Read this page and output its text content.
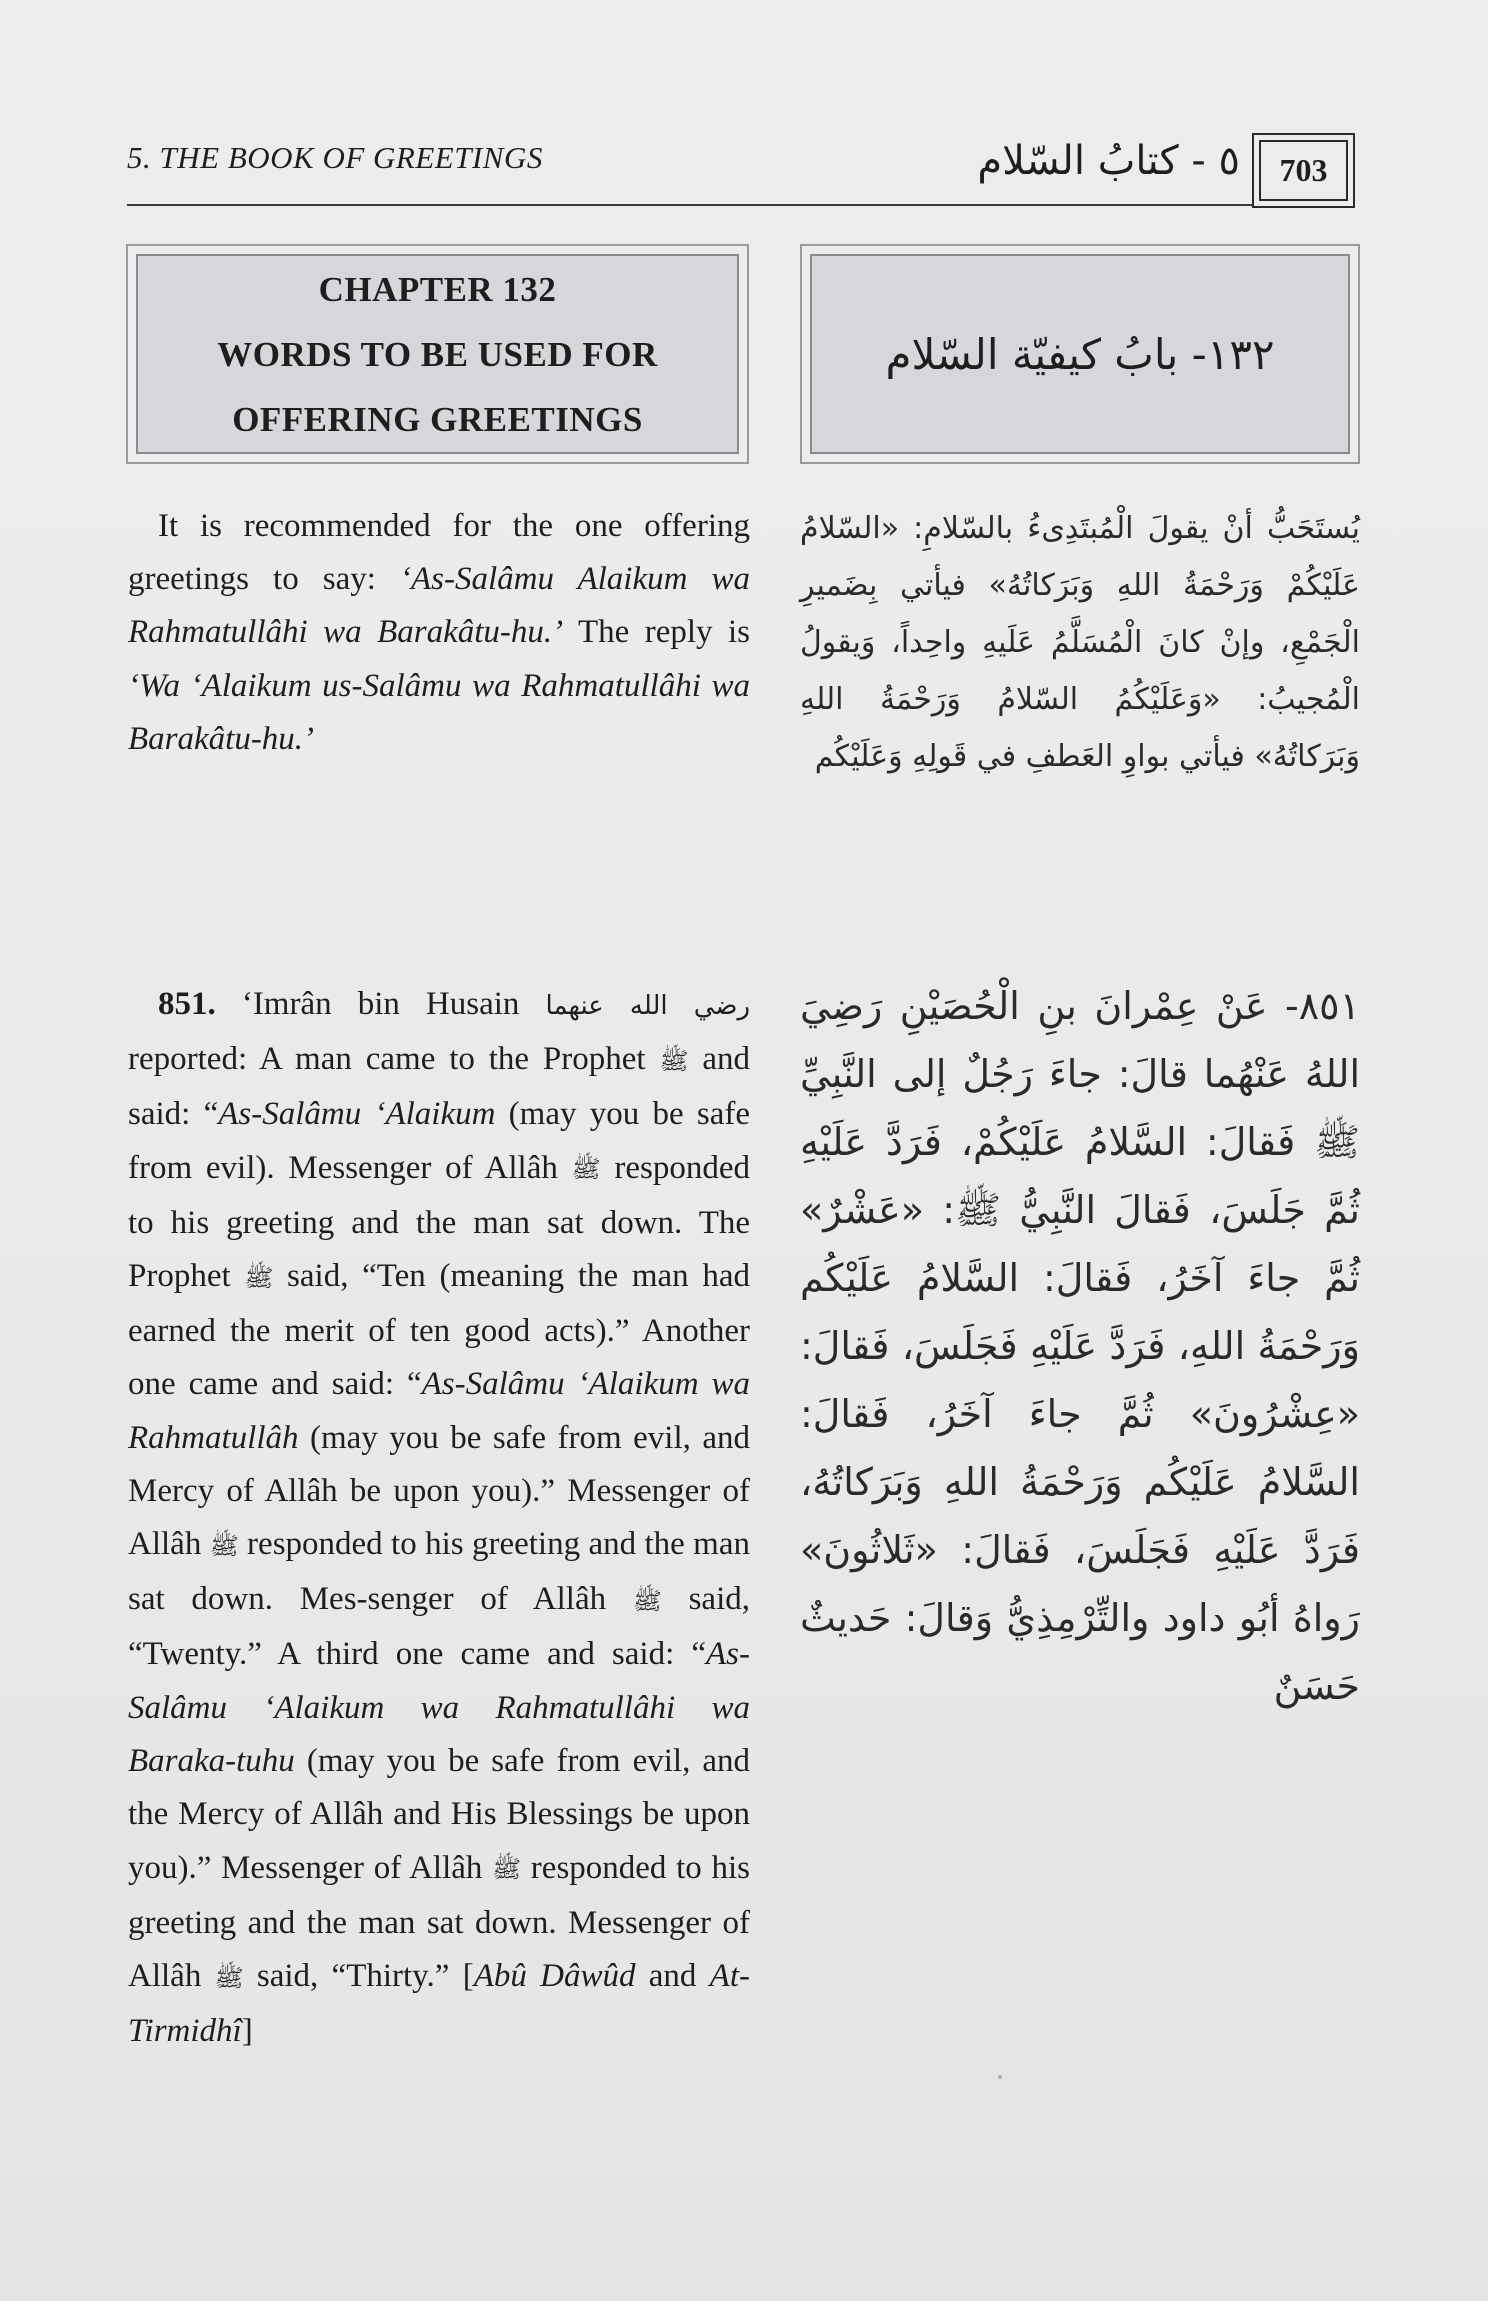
5. THE BOOK OF GREETINGS	٥ - كتابُ السّلام	703
CHAPTER 132
WORDS TO BE USED FOR
OFFERING GREETINGS
١٣٢- بابُ كيفيّة السّلام
It is recommended for the one offering greetings to say: ‘As-Salâmu Alaikum wa Rahmatullâhi wa Barakâtu-hu.’ The reply is ‘Wa ‘Alaikum us-Salâmu wa Rahmatullâhi wa Barakâtu-hu.’
يُستَحَبُّ أنْ يقولَ الْمُبتَدِىءُ بالسّلامِ: «السّلامُ عَلَيْكُمْ وَرَحْمَةُ اللهِ وَبَرَكاتُهُ» فيأتي بِضَميرِ الْجَمْعِ، وإنْ كانَ الْمُسَلَّمُ عَلَيهِ واحِداً، وَيقولُ الْمُجيبُ: «وَعَلَيْكُمُ السّلامُ وَرَحْمَةُ اللهِ وَبَرَكاتُهُ» فيأتي بواوِ العَطفِ في قَولِهِ وَعَلَيْكُم
851. ‘Imrân bin Husain رضي الله عنهما reported: A man came to the Prophet ﷺ and said: “As-Salâmu ‘Alaikum (may you be safe from evil). Messenger of Allâh ﷺ responded to his greeting and the man sat down. The Prophet ﷺ said, “Ten (meaning the man had earned the merit of ten good acts).” Another one came and said: “As-Salâmu ‘Alaikum wa Rahmatullâh (may you be safe from evil, and Mercy of Allâh be upon you).” Messenger of Allâh ﷺ responded to his greeting and the man sat down. Mes-senger of Allâh ﷺ said, “Twenty.” A third one came and said: “As-Salâmu ‘Alaikum wa Rahmatullâhi wa Baraka-tuhu (may you be safe from evil, and the Mercy of Allâh and His Blessings be upon you).” Messenger of Allâh ﷺ responded to his greeting and the man sat down. Messenger of Allâh ﷺ said, “Thirty.” [Abû Dâwûd and At-Tirmidhî]
٨٥١- عَنْ عِمْرانَ بنِ الْحُصَيْنِ رَضِيَ اللهُ عَنْهُما قالَ: جاءَ رَجُلٌ إلى النَّبِيِّ ﷺ فَقالَ: السَّلامُ عَلَيْكُمْ، فَرَدَّ عَلَيْهِ ثُمَّ جَلَسَ، فَقالَ النَّبِيُّ ﷺ: «عَشْرٌ» ثُمَّ جاءَ آخَرُ، فَقالَ: السَّلامُ عَلَيْكُم وَرَحْمَةُ اللهِ، فَرَدَّ عَلَيْهِ فَجَلَسَ، فَقالَ: «عِشْرُونَ» ثُمَّ جاءَ آخَرُ، فَقالَ: السَّلامُ عَلَيْكُم وَرَحْمَةُ اللهِ وَبَرَكاتُهُ، فَرَدَّ عَلَيْهِ فَجَلَسَ، فَقالَ: «ثَلاثُونَ» رَواهُ أبُو داود والتِّرْمِذِيُّ وَقالَ: حَديثٌ حَسَنٌ
